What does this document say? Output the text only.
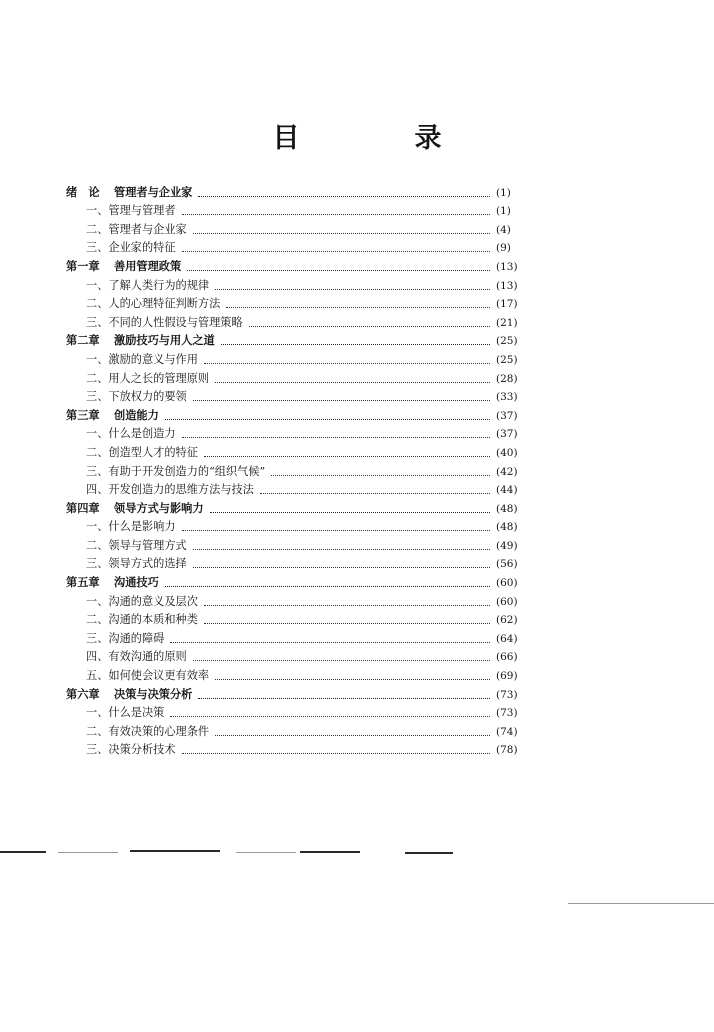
目　录
绪　论	管理者与企业家	(1)
一、 管理与管理者	(1)
二、 管理者与企业家	(4)
三、 企业家的特征	(9)
第一章	善用管理政策	(13)
一、 了解人类行为的规律	(13)
二、 人的心理特征判断方法	(17)
三、 不同的人性假设与管理策略	(21)
第二章	激励技巧与用人之道	(25)
一、 激励的意义与作用	(25)
二、 用人之长的管理原则	(28)
三、 下放权力的要领	(33)
第三章	创造能力	(37)
一、 什么是创造力	(37)
二、 创造型人才的特征	(40)
三、 有助于开发创造力的“组织气候”	(42)
四、 开发创造力的思维方法与技法	(44)
第四章	领导方式与影响力	(48)
一、 什么是影响力	(48)
二、 领导与管理方式	(49)
三、 领导方式的选择	(56)
第五章	沟通技巧	(60)
一、 沟通的意义及层次	(60)
二、 沟通的本质和种类	(62)
三、 沟通的障碍	(64)
四、 有效沟通的原则	(66)
五、 如何使会议更有效率	(69)
第六章	决策与决策分析	(73)
一、 什么是决策	(73)
二、 有效决策的心理条件	(74)
三、 决策分析技术	(78)
